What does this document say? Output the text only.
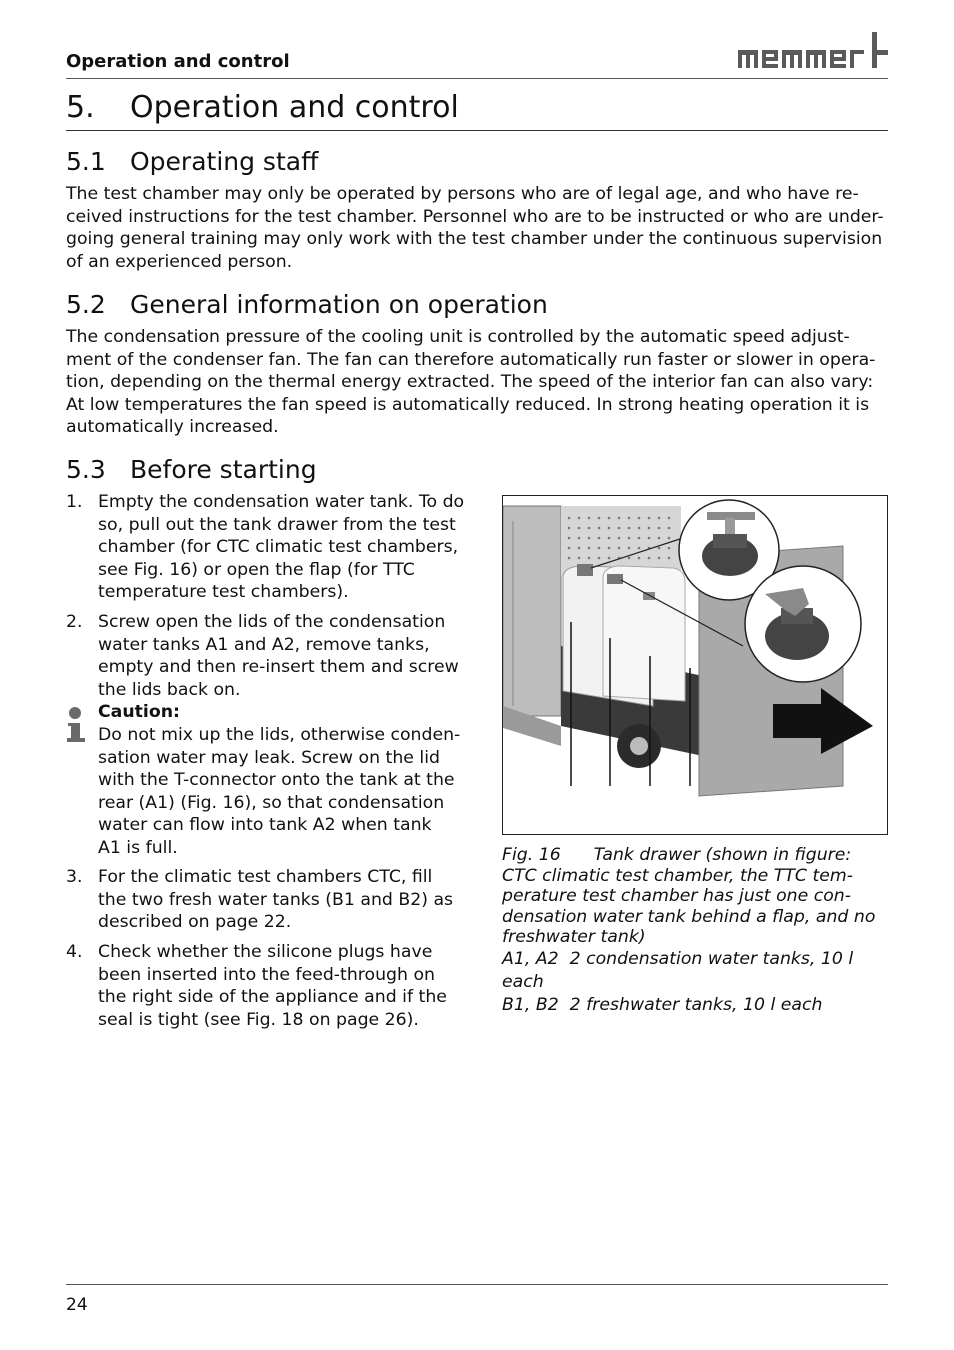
Operation and control
5. Operation and control
5.1 Operating staff

The test chamber may only be operated by persons who are of legal age, and who have re-
ceived instructions for the test chamber. Personnel who are to be instructed or who are under-
going general training may only work with the test chamber under the continuous supervision
of an experienced person.

5.2 General information on operation

The condensation pressure of the cooling unit is controlled by the automatic speed adjust-
ment of the condenser fan. The fan can therefore automatically run faster or slower in opera-
tion, depending on the thermal energy extracted. The speed of the interior fan can also vary:
At low temperatures the fan speed is automatically reduced. In strong heating operation it is
automatically increased.

5.3 Before starting
1. Empty the condensation water tank. To do
so, pull out the tank drawer from the test
chamber (for CTC climatic test chambers,
see Fig. 16) or open the flap (for TTC
temperature test chambers).
2. Screw open the lids of the condensation
water tanks A1 and A2, remove tanks,
empty and then re-insert them and screw
the lids back on.
Caution:
Do not mix up the lids, otherwise conden-
sation water may leak. Screw on the lid
with the T-connector onto the tank at the
rear (A1) (Fig. 16), so that condensation
water can flow into tank A2 when tank
A1 is full.
3. For the climatic test chambers CTC, fill
the two fresh water tanks (B1 and B2) as
described on page 22.
4. Check whether the silicone plugs have
been inserted into the feed-through on
the right side of the appliance and if the
seal is tight (see Fig. 18 on page 26).
Fig. 16      Tank drawer (shown in figure:
CTC climatic test chamber, the TTC tem-
perature test chamber has just one con-
densation water tank behind a flap, and no
freshwater tank)
A1, A2  2 condensation water tanks, 10 l
each
B1, B2  2 freshwater tanks, 10 l each
24
